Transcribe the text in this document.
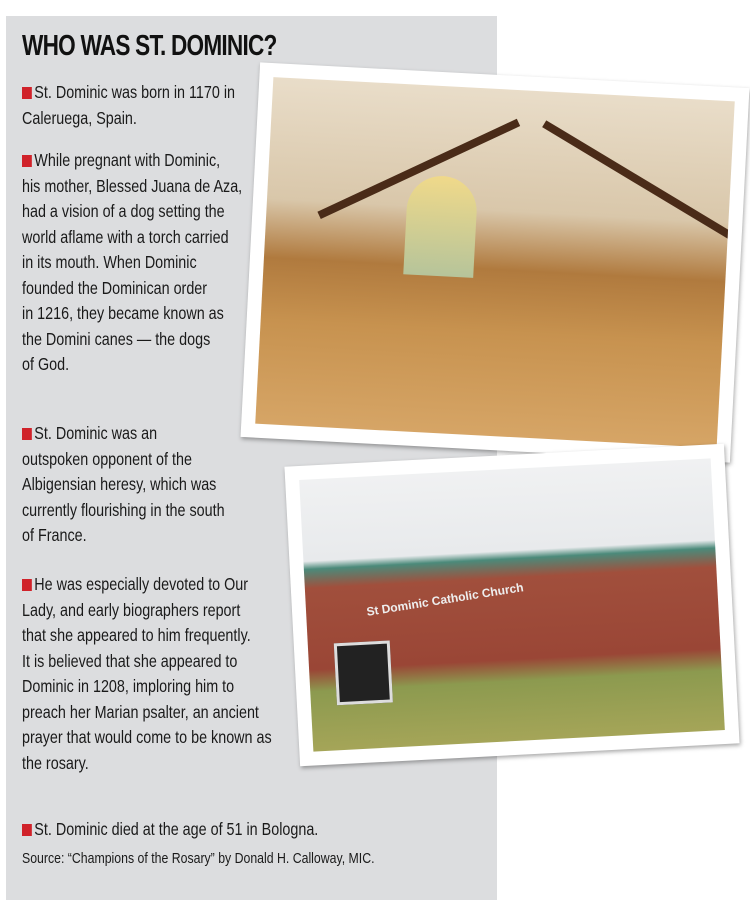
WHO WAS ST. DOMINIC?
St. Dominic was born in 1170 in
Caleruega, Spain.
While pregnant with Dominic,
his mother, Blessed Juana de Aza,
had a vision of a dog setting the
world aflame with a torch carried
in its mouth. When Dominic
founded the Dominican order
in 1216, they became known as
the Domini canes — the dogs
of God.
St. Dominic was an
outspoken opponent of the
Albigensian heresy, which was
currently flourishing in the south
of France.
He was especially devoted to Our
Lady, and early biographers report
that she appeared to him frequently.
It is believed that she appeared to
Dominic in 1208, imploring him to
preach her Marian psalter, an ancient
prayer that would come to be known as
the rosary.
St. Dominic died at the age of 51 in Bologna.
Source: “Champions of the Rosary” by Donald H. Calloway, MIC.
St Dominic Catholic Church
